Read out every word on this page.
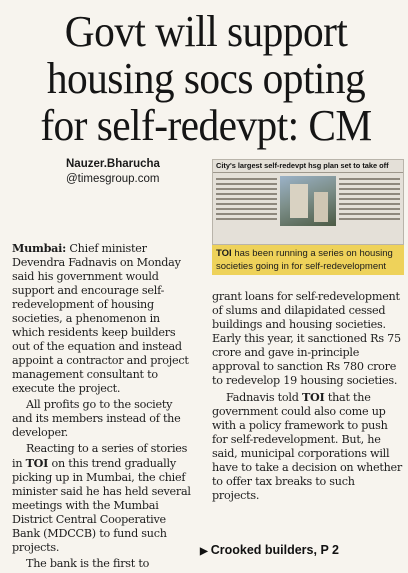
Govt will support
housing socs opting
for self-redevpt: CM
Nauzer.Bharucha
@timesgroup.com
City's largest self-redevpt hsg plan set to take off
TOI has been running a series on housing societies going in for self-redevelopment

Mumbai: Chief minister Devendra Fadnavis on Monday said his government would support and encourage self-redevelopment of housing societies, a phenomenon in which residents keep builders out of the equation and instead appoint a contractor and project management consultant to execute the project.

All profits go to the society and its members instead of the developer.

Reacting to a series of stories in TOI on this trend gradually picking up in Mumbai, the chief minister said he has held several meetings with the Mumbai District Central Cooperative Bank (MDCCB) to fund such projects.

The bank is the first to

grant loans for self-redevelopment of slums and dilapidated cessed buildings and housing societies. Early this year, it sanctioned Rs 75 crore and gave in-principle approval to sanction Rs 780 crore to redevelop 19 housing societies.

Fadnavis told TOI that the government could also come up with a policy framework to push for self-redevelopment. But, he said, municipal corporations will have to take a decision on whether to offer tax breaks to such projects.

▶ Crooked builders, P 2
